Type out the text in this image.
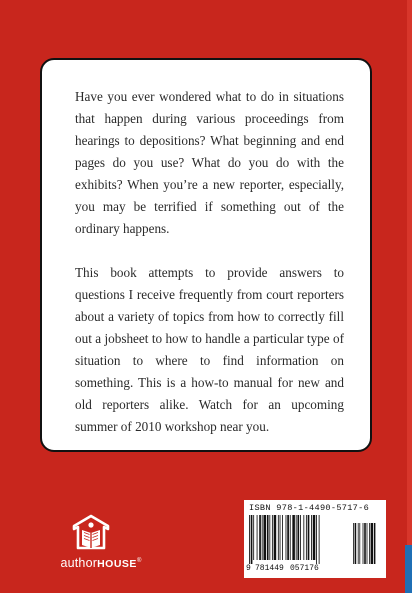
Have you ever wondered what to do in situations that happen during various proceedings from hearings to depositions? What beginning and end pages do you use? What do you do with the exhibits? When you’re a new reporter, especially, you may be terrified if something out of the ordinary happens.

This book attempts to provide answers to questions I receive frequently from court reporters about a variety of topics from how to correctly fill out a jobsheet to how to handle a particular type of situation to where to find information on something. This is a how-to manual for new and old reporters alike. Watch for an upcoming summer of 2010 workshop near you.

authorHOUSE®
ISBN 978-1-4490-5717-6
9 781449 057176
